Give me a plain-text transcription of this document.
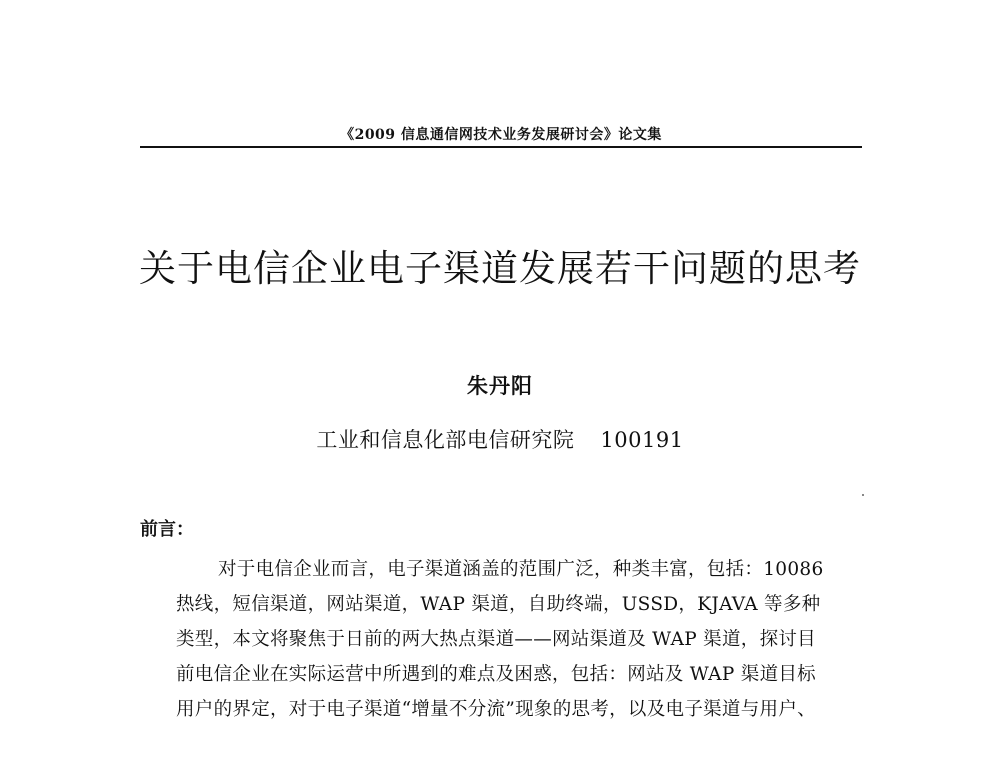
《2009 信息通信网技术业务发展研讨会》论文集
关于电信企业电子渠道发展若干问题的思考
朱丹阳
工业和信息化部电信研究院 100191
前言：
对于电信企业而言，电子渠道涵盖的范围广泛，种类丰富，包括：10086
热线，短信渠道，网站渠道，WAP 渠道，自助终端，USSD，KJAVA 等多种
类型，本文将聚焦于日前的两大热点渠道——网站渠道及 WAP 渠道，探讨目
前电信企业在实际运营中所遇到的难点及困惑，包括：网站及 WAP 渠道目标
用户的界定，对于电子渠道“增量不分流”现象的思考，以及电子渠道与用户、
